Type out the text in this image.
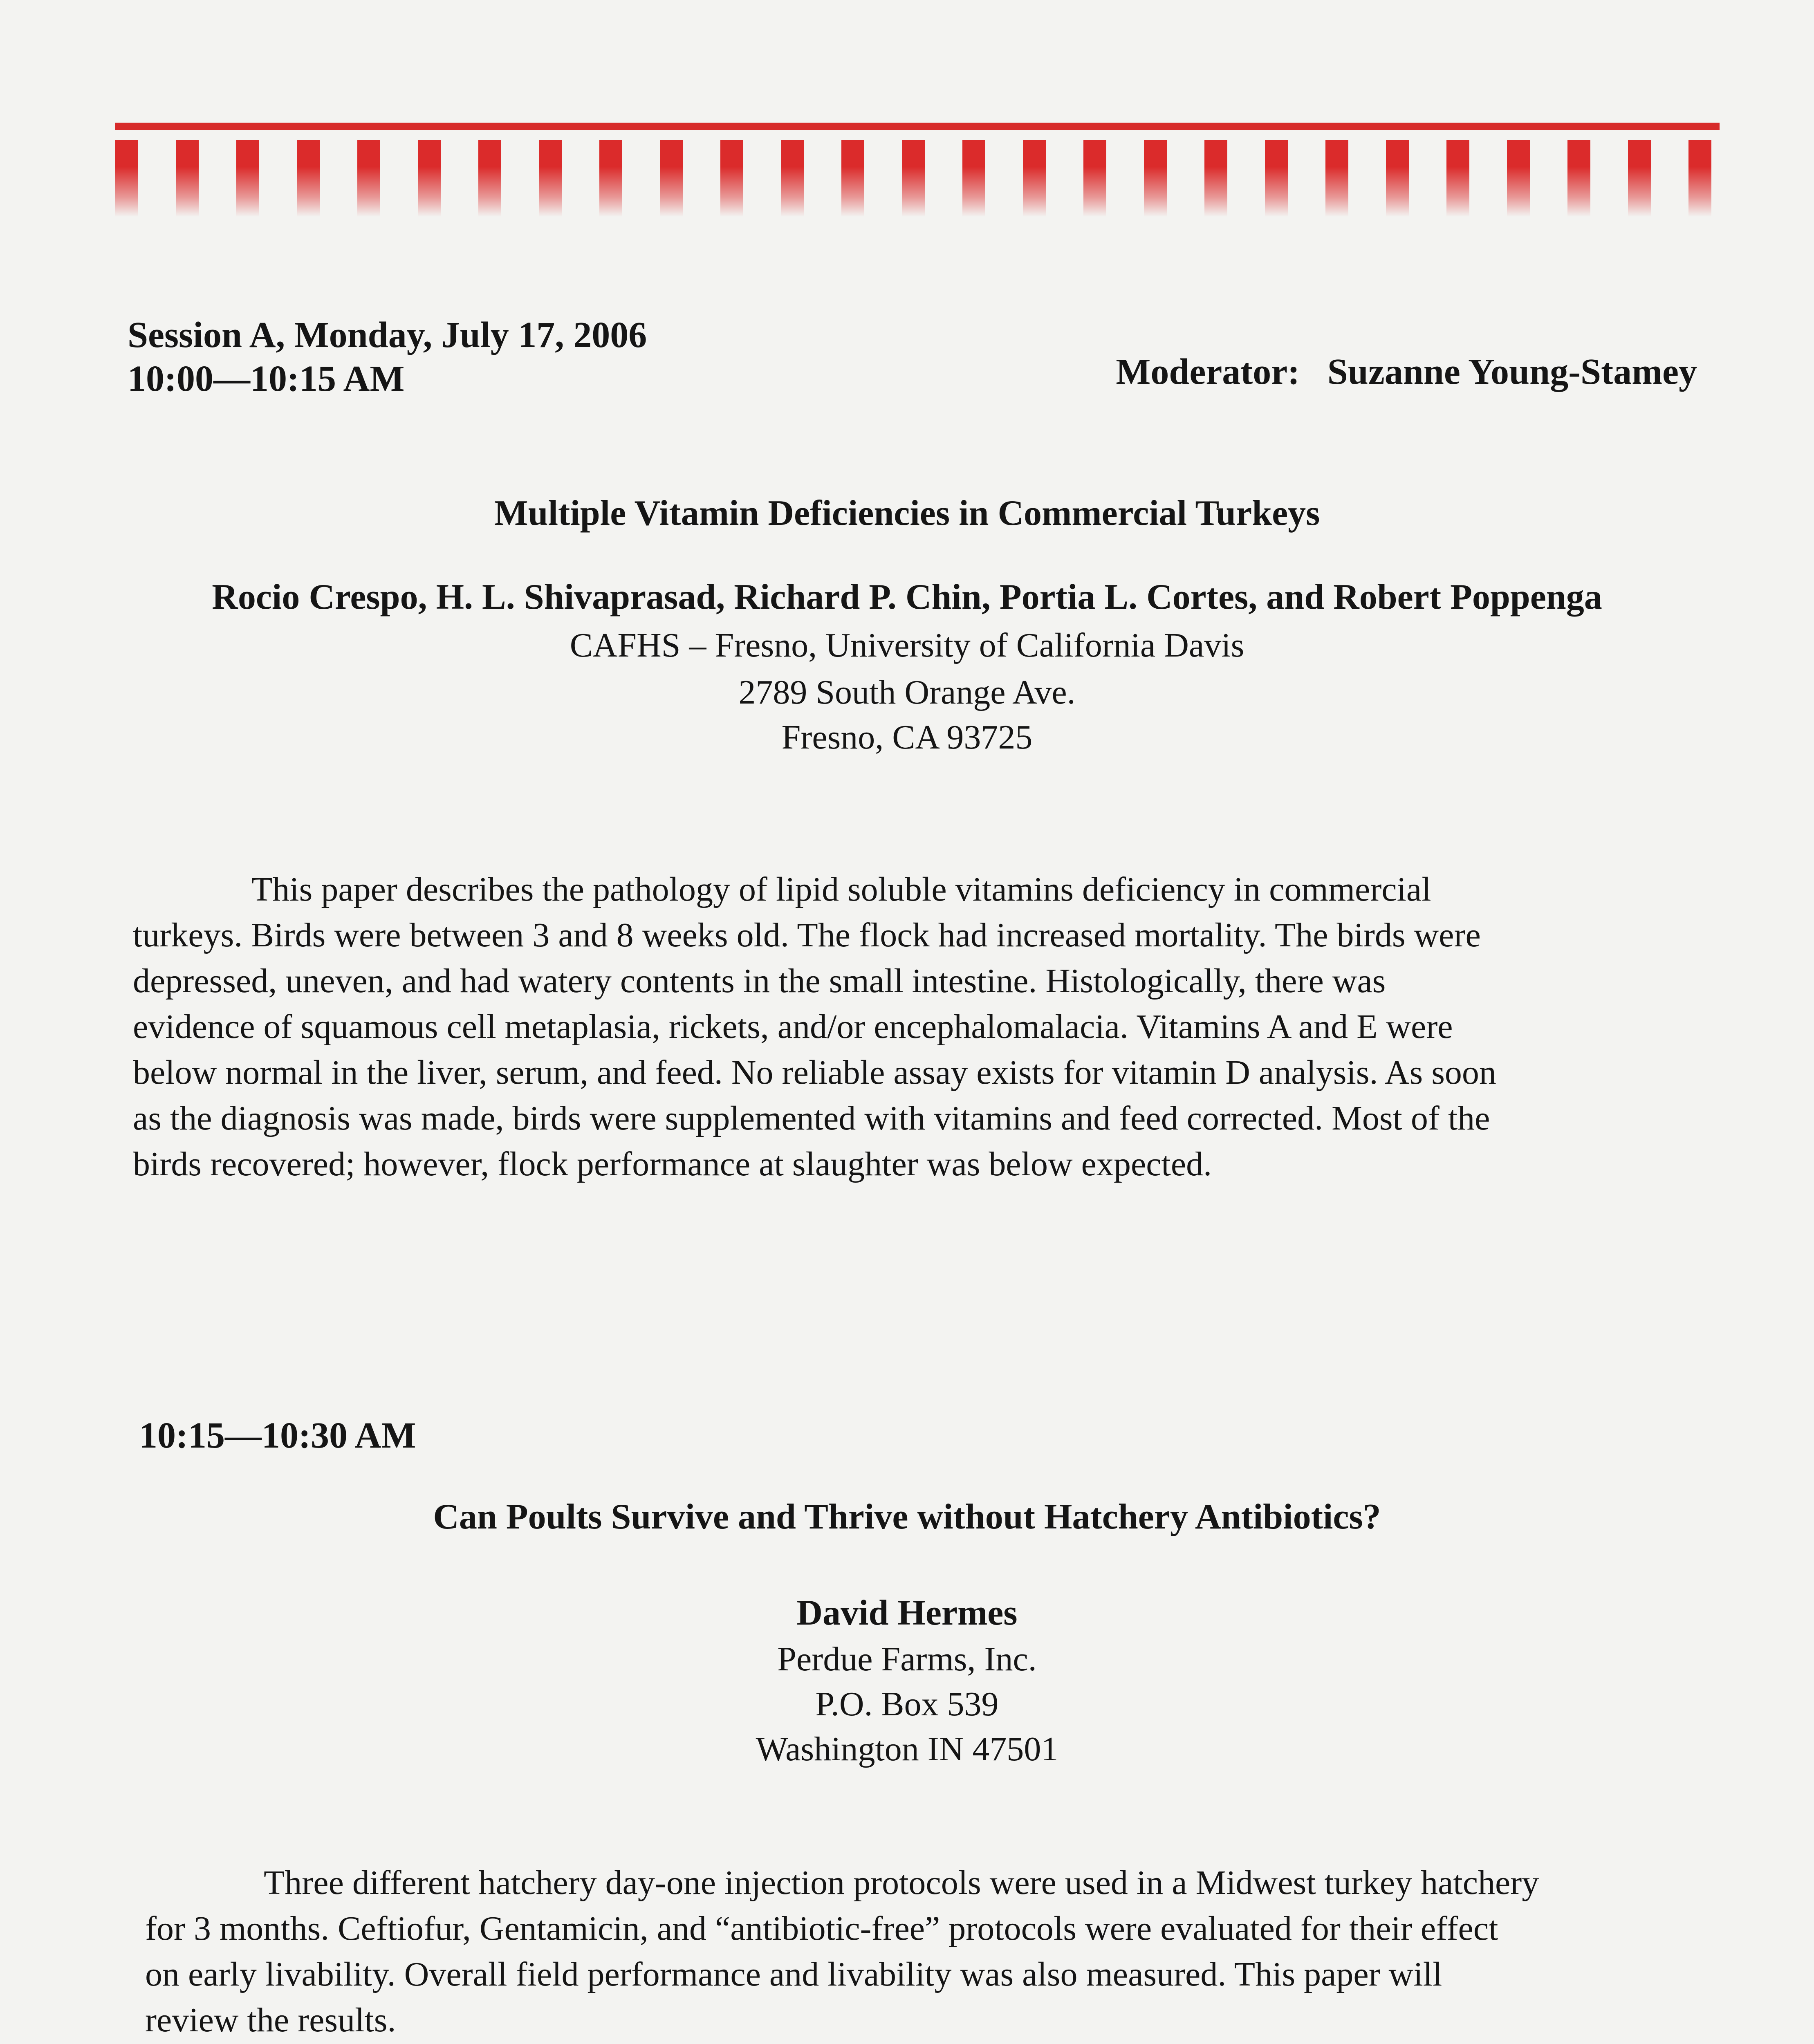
Session A, Monday, July 17, 2006
10:00—10:15 AM	Moderator: Suzanne Young-Stamey
Multiple Vitamin Deficiencies in Commercial Turkeys
Rocio Crespo, H. L. Shivaprasad, Richard P. Chin, Portia L. Cortes, and Robert Poppenga
CAFHS – Fresno, University of California Davis
2789 South Orange Ave.
Fresno, CA 93725
This paper describes the pathology of lipid soluble vitamins deficiency in commercial
turkeys. Birds were between 3 and 8 weeks old. The flock had increased mortality. The birds were
depressed, uneven, and had watery contents in the small intestine. Histologically, there was
evidence of squamous cell metaplasia, rickets, and/or encephalomalacia. Vitamins A and E were
below normal in the liver, serum, and feed. No reliable assay exists for vitamin D analysis. As soon
as the diagnosis was made, birds were supplemented with vitamins and feed corrected. Most of the
birds recovered; however, flock performance at slaughter was below expected.
10:15—10:30 AM
Can Poults Survive and Thrive without Hatchery Antibiotics?
David Hermes
Perdue Farms, Inc.
P.O. Box 539
Washington IN 47501
Three different hatchery day-one injection protocols were used in a Midwest turkey hatchery
for 3 months. Ceftiofur, Gentamicin, and “antibiotic-free” protocols were evaluated for their effect
on early livability. Overall field performance and livability was also measured. This paper will
review the results.
